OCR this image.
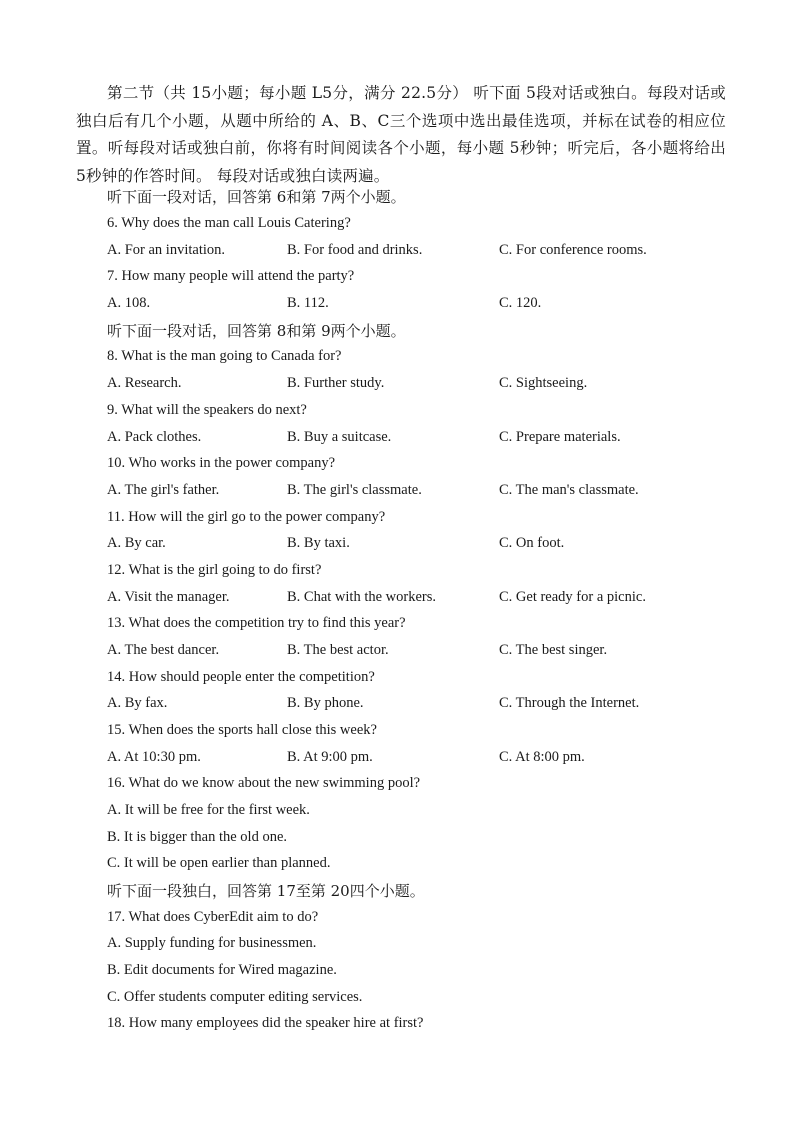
第二节（共 15小题；每小题 L5分，满分 22.5分） 听下面 5段对话或独白。每段对话或独白后有几个小题，从题中所给的 A、B、C三个选项中选出最佳选项，并标在试卷的相应位置。听每段对话或独白前，你将有时间阅读各个小题，每小题 5秒钟；听完后，各小题将给出 5秒钟的作答时间。 每段对话或独白读两遍。
听下面一段对话，回答第 6和第 7两个小题。
6. Why does the man call Louis Catering?
A. For an invitation.	B. For food and drinks.	C. For conference rooms.
7. How many people will attend the party?
A. 108.	B. 112.	C. 120.
听下面一段对话，回答第 8和第 9两个小题。
8. What is the man going to Canada for?
A. Research.	B. Further study.	C. Sightseeing.
9. What will the speakers do next?
A. Pack clothes.	B. Buy a suitcase.	C. Prepare materials.
10. Who works in the power company?
A. The girl's father.	B. The girl's classmate.	C. The man's classmate.
11. How will the girl go to the power company?
A. By car.	B. By taxi.	C. On foot.
12. What is the girl going to do first?
A. Visit the manager.	B. Chat with the workers.	C. Get ready for a picnic.
13. What does the competition try to find this year?
A. The best dancer.	B. The best actor.	C. The best singer.
14. How should people enter the competition?
A. By fax.	B. By phone.	C. Through the Internet.
15. When does the sports hall close this week?
A. At 10:30 pm.	B. At 9:00 pm.	C. At 8:00 pm.
16. What do we know about the new swimming pool?
A. It will be free for the first week.
B. It is bigger than the old one.
C. It will be open earlier than planned.
听下面一段独白，回答第 17至第 20四个小题。
17. What does CyberEdit aim to do?
A. Supply funding for businessmen.
B. Edit documents for Wired magazine.
C. Offer students computer editing services.
18. How many employees did the speaker hire at first?
